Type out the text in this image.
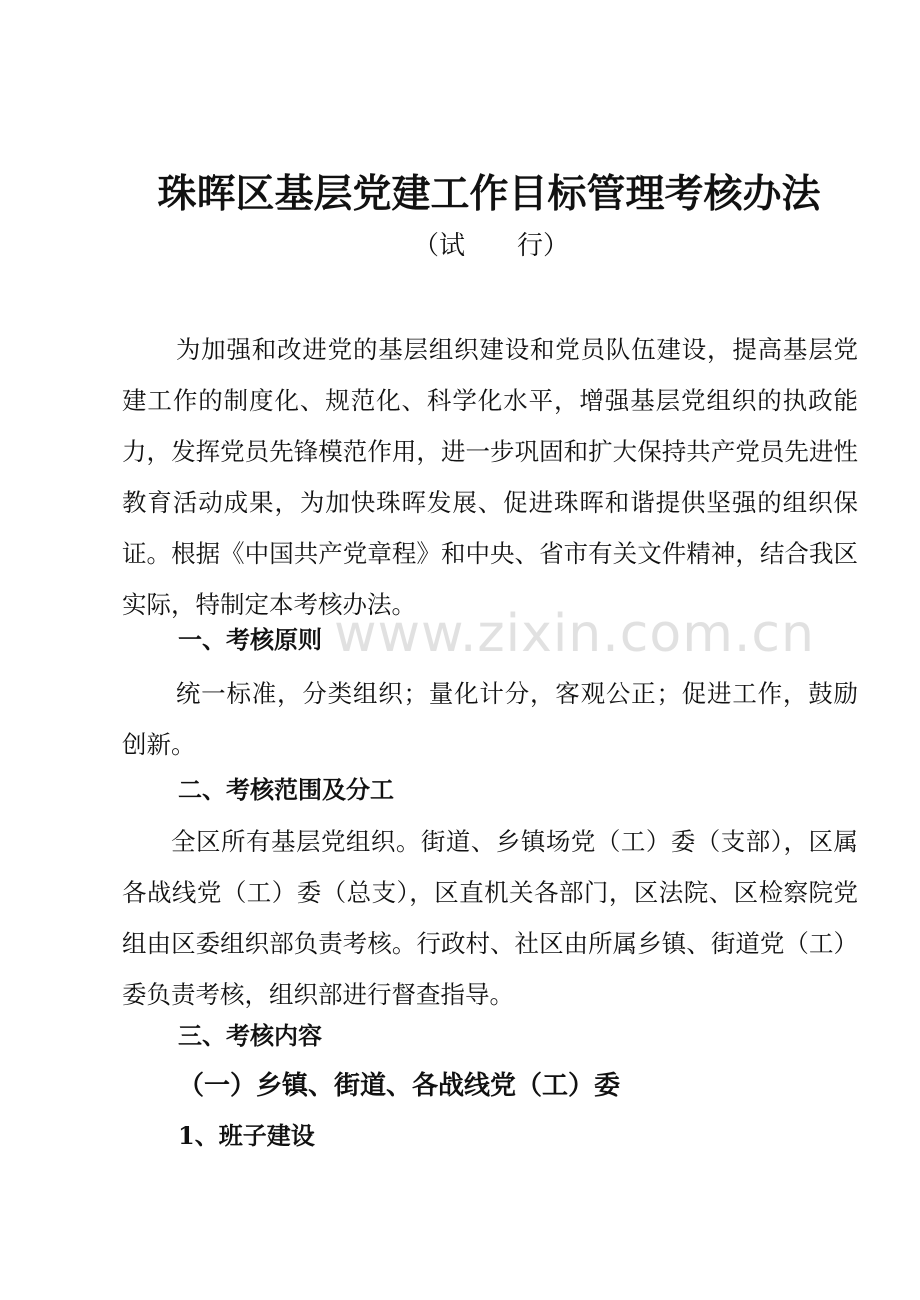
珠晖区基层党建工作目标管理考核办法
（试 行）

为加强和改进党的基层组织建设和党员队伍建设，提高基层党建工作的制度化、规范化、科学化水平，增强基层党组织的执政能力，发挥党员先锋模范作用，进一步巩固和扩大保持共产党员先进性教育活动成果，为加快珠晖发展、促进珠晖和谐提供坚强的组织保证。根据《中国共产党章程》和中央、省市有关文件精神，结合我区实际，特制定本考核办法。

一、考核原则

统一标准，分类组织；量化计分，客观公正；促进工作，鼓励创新。

二、考核范围及分工

全区所有基层党组织。街道、乡镇场党（工）委（支部），区属各战线党（工）委（总支），区直机关各部门，区法院、区检察院党组由区委组织部负责考核。行政村、社区由所属乡镇、街道党（工）委负责考核，组织部进行督查指导。

三、考核内容
（一）乡镇、街道、各战线党（工）委
1、班子建设
www.zixin.com.cn
